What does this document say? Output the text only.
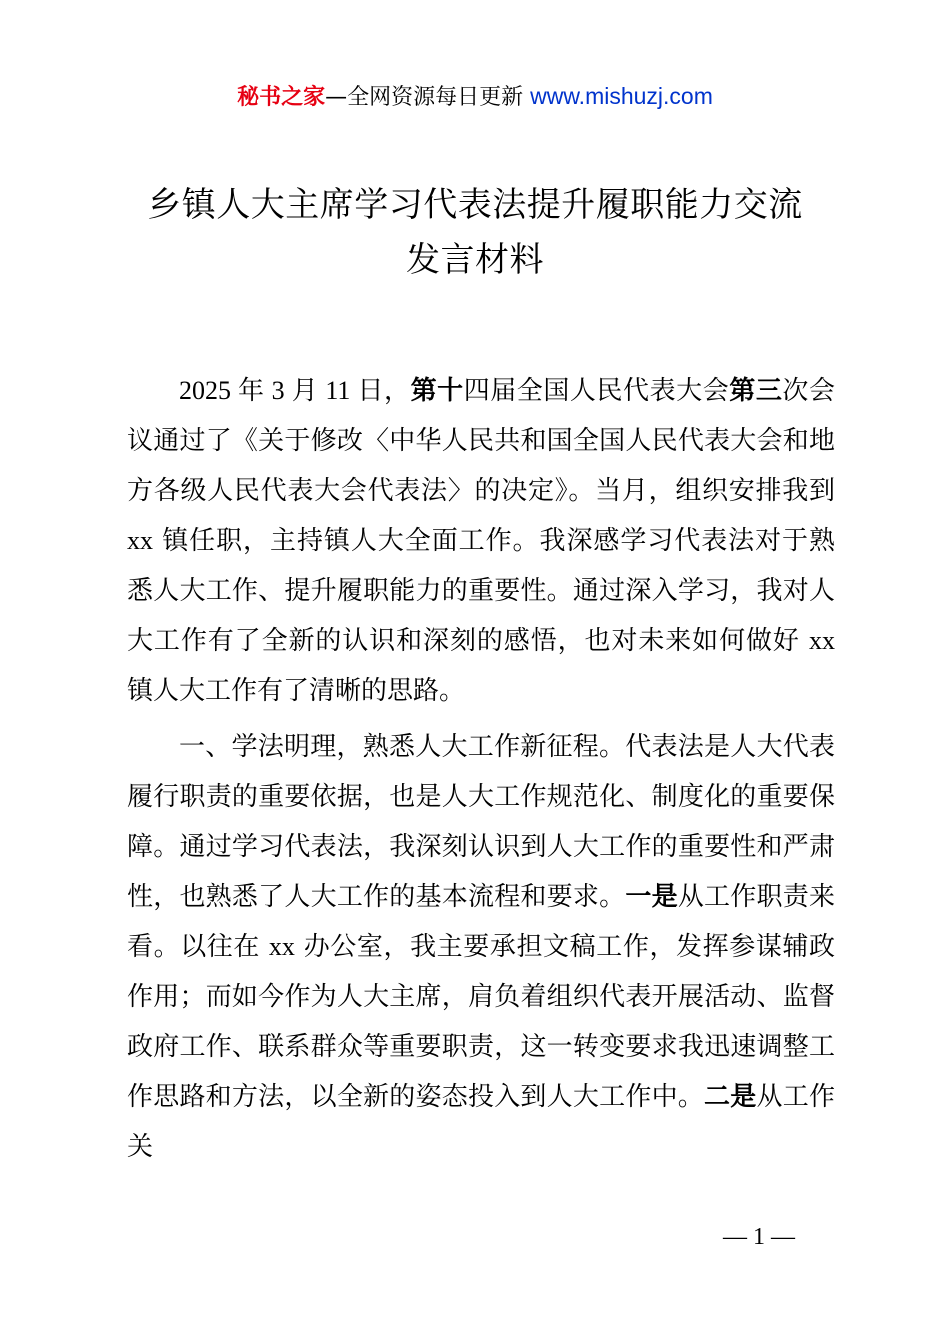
秘书之家—全网资源每日更新 www.mishuzj.com
乡镇人大主席学习代表法提升履职能力交流
发言材料

2025 年 3 月 11 日，第十四届全国人民代表大会第三次会议通过了《关于修改〈中华人民共和国全国人民代表大会和地方各级人民代表大会代表法〉的决定》。当月，组织安排我到 xx 镇任职，主持镇人大全面工作。我深感学习代表法对于熟悉人大工作、提升履职能力的重要性。通过深入学习，我对人大工作有了全新的认识和深刻的感悟，也对未来如何做好 xx 镇人大工作有了清晰的思路。

一、学法明理，熟悉人大工作新征程。代表法是人大代表履行职责的重要依据，也是人大工作规范化、制度化的重要保障。通过学习代表法，我深刻认识到人大工作的重要性和严肃性，也熟悉了人大工作的基本流程和要求。一是从工作职责来看。以往在 xx 办公室，我主要承担文稿工作，发挥参谋辅政作用；而如今作为人大主席，肩负着组织代表开展活动、监督政府工作、联系群众等重要职责，这一转变要求我迅速调整工作思路和方法，以全新的姿态投入到人大工作中。二是从工作关

— 1 —
